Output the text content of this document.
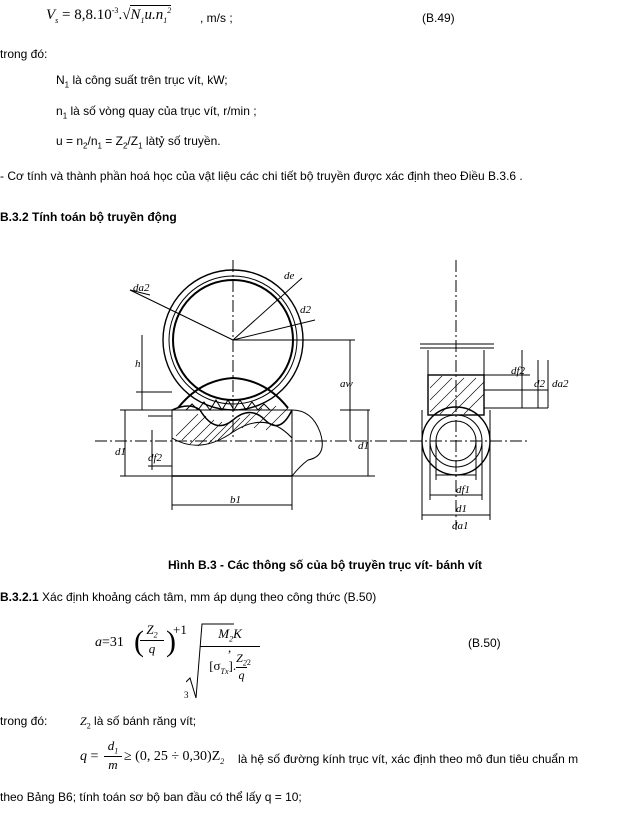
$V_s = 8,8.10^{-3}.√N_1u.n_1^2$
, m/s ;	(B.49)
trong đó:
$N_1$ là công suất trên trục vít, kW;
$n_1$ là số vòng quay của trục vít, r/min ;
$u = n_2/n_1 = Z_2/Z_1$ làtỷ số truyền.
- Cơ tính và thành phần hoá học của vật liệu các chi tiết bộ truyền được xác định theo Điều B.3.6 .
B.3.2 Tính toán bộ truyền động
da2
de
d2
h
aw
d1 df2
d1
b1
df2
d2 da2
df1
d1
da1
Hình B.3 - Các thông số của bộ truyền trục vít- bánh vít
B.3.2.1 Xác định khoảng cách tâm, mm áp dụng theo công thức (B.50)
a=31
$Z_2$
q
( )
+1
3
$M_2K$
$[\sigma_{Tx}]$. $\frac{Z_2}{q} ^2$
,	(B.50)
trong đó:	$Z_2$ là số bánh răng vít;
q =
$d_1$
m
≥ (0, $25 \div 0,30)Z_2$ là hệ số đường kính trục vít, xác định theo mô đun tiêu chuẩn m
theo Bảng B6; tính toán sơ bộ ban đầu có thể lấy q = 10;
